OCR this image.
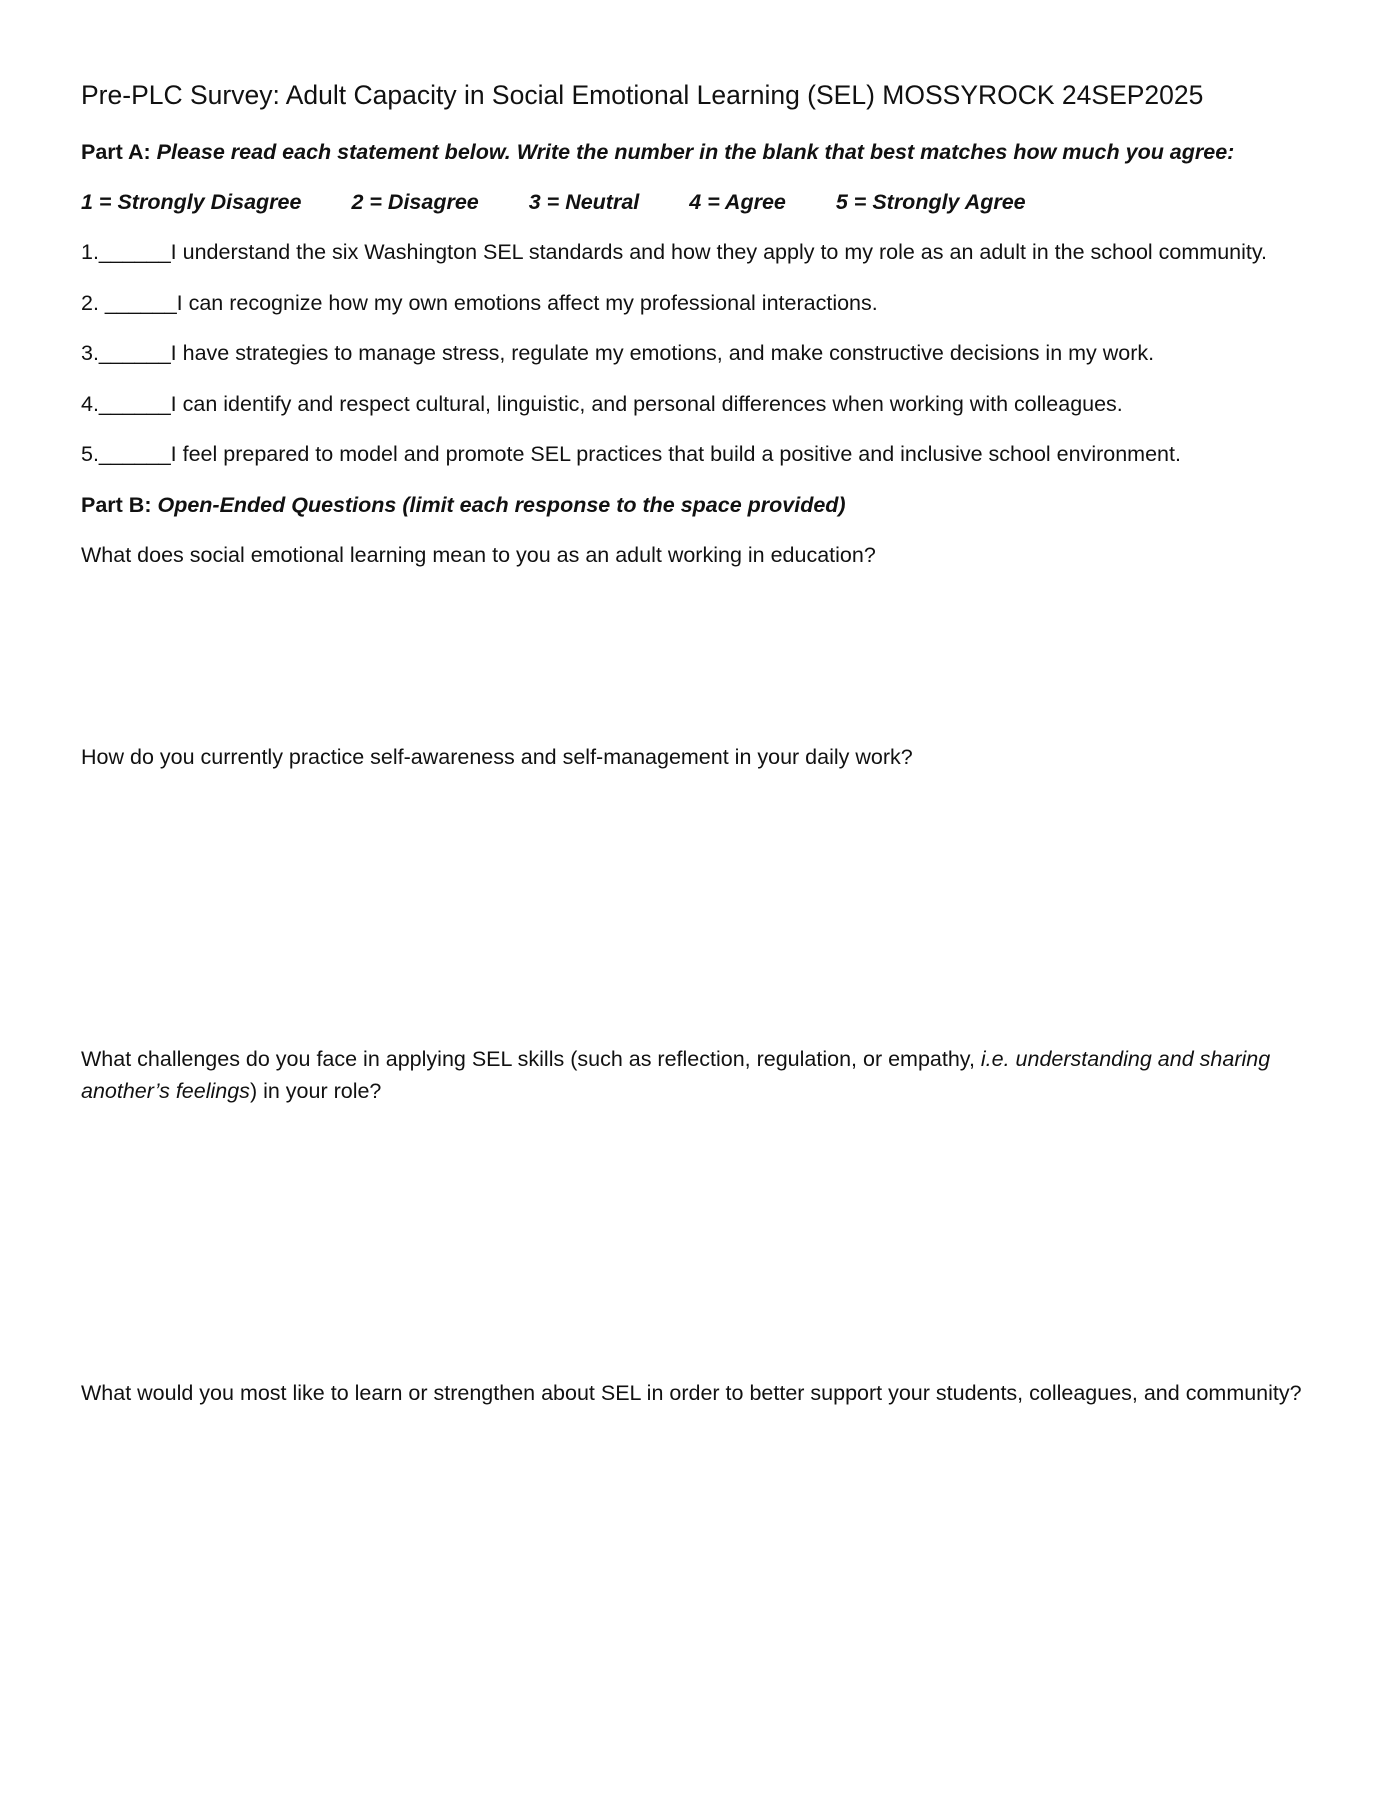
Pre-PLC Survey: Adult Capacity in Social Emotional Learning (SEL) MOSSYROCK 24SEP2025
Part A: Please read each statement below. Write the number in the blank that best matches how much you agree:
1 = Strongly Disagree 2 = Disagree 3 = Neutral 4 = Agree 5 = Strongly Agree
1.______I understand the six Washington SEL standards and how they apply to my role as an adult in the school community.
2. ______I can recognize how my own emotions affect my professional interactions.
3.______I have strategies to manage stress, regulate my emotions, and make constructive decisions in my work.
4.______I can identify and respect cultural, linguistic, and personal differences when working with colleagues.
5.______I feel prepared to model and promote SEL practices that build a positive and inclusive school environment.
Part B: Open-Ended Questions (limit each response to the space provided)
What does social emotional learning mean to you as an adult working in education?
How do you currently practice self-awareness and self-management in your daily work?
What challenges do you face in applying SEL skills (such as reflection, regulation, or empathy, i.e. understanding and sharing another’s feelings) in your role?
What would you most like to learn or strengthen about SEL in order to better support your students, colleagues, and community?
